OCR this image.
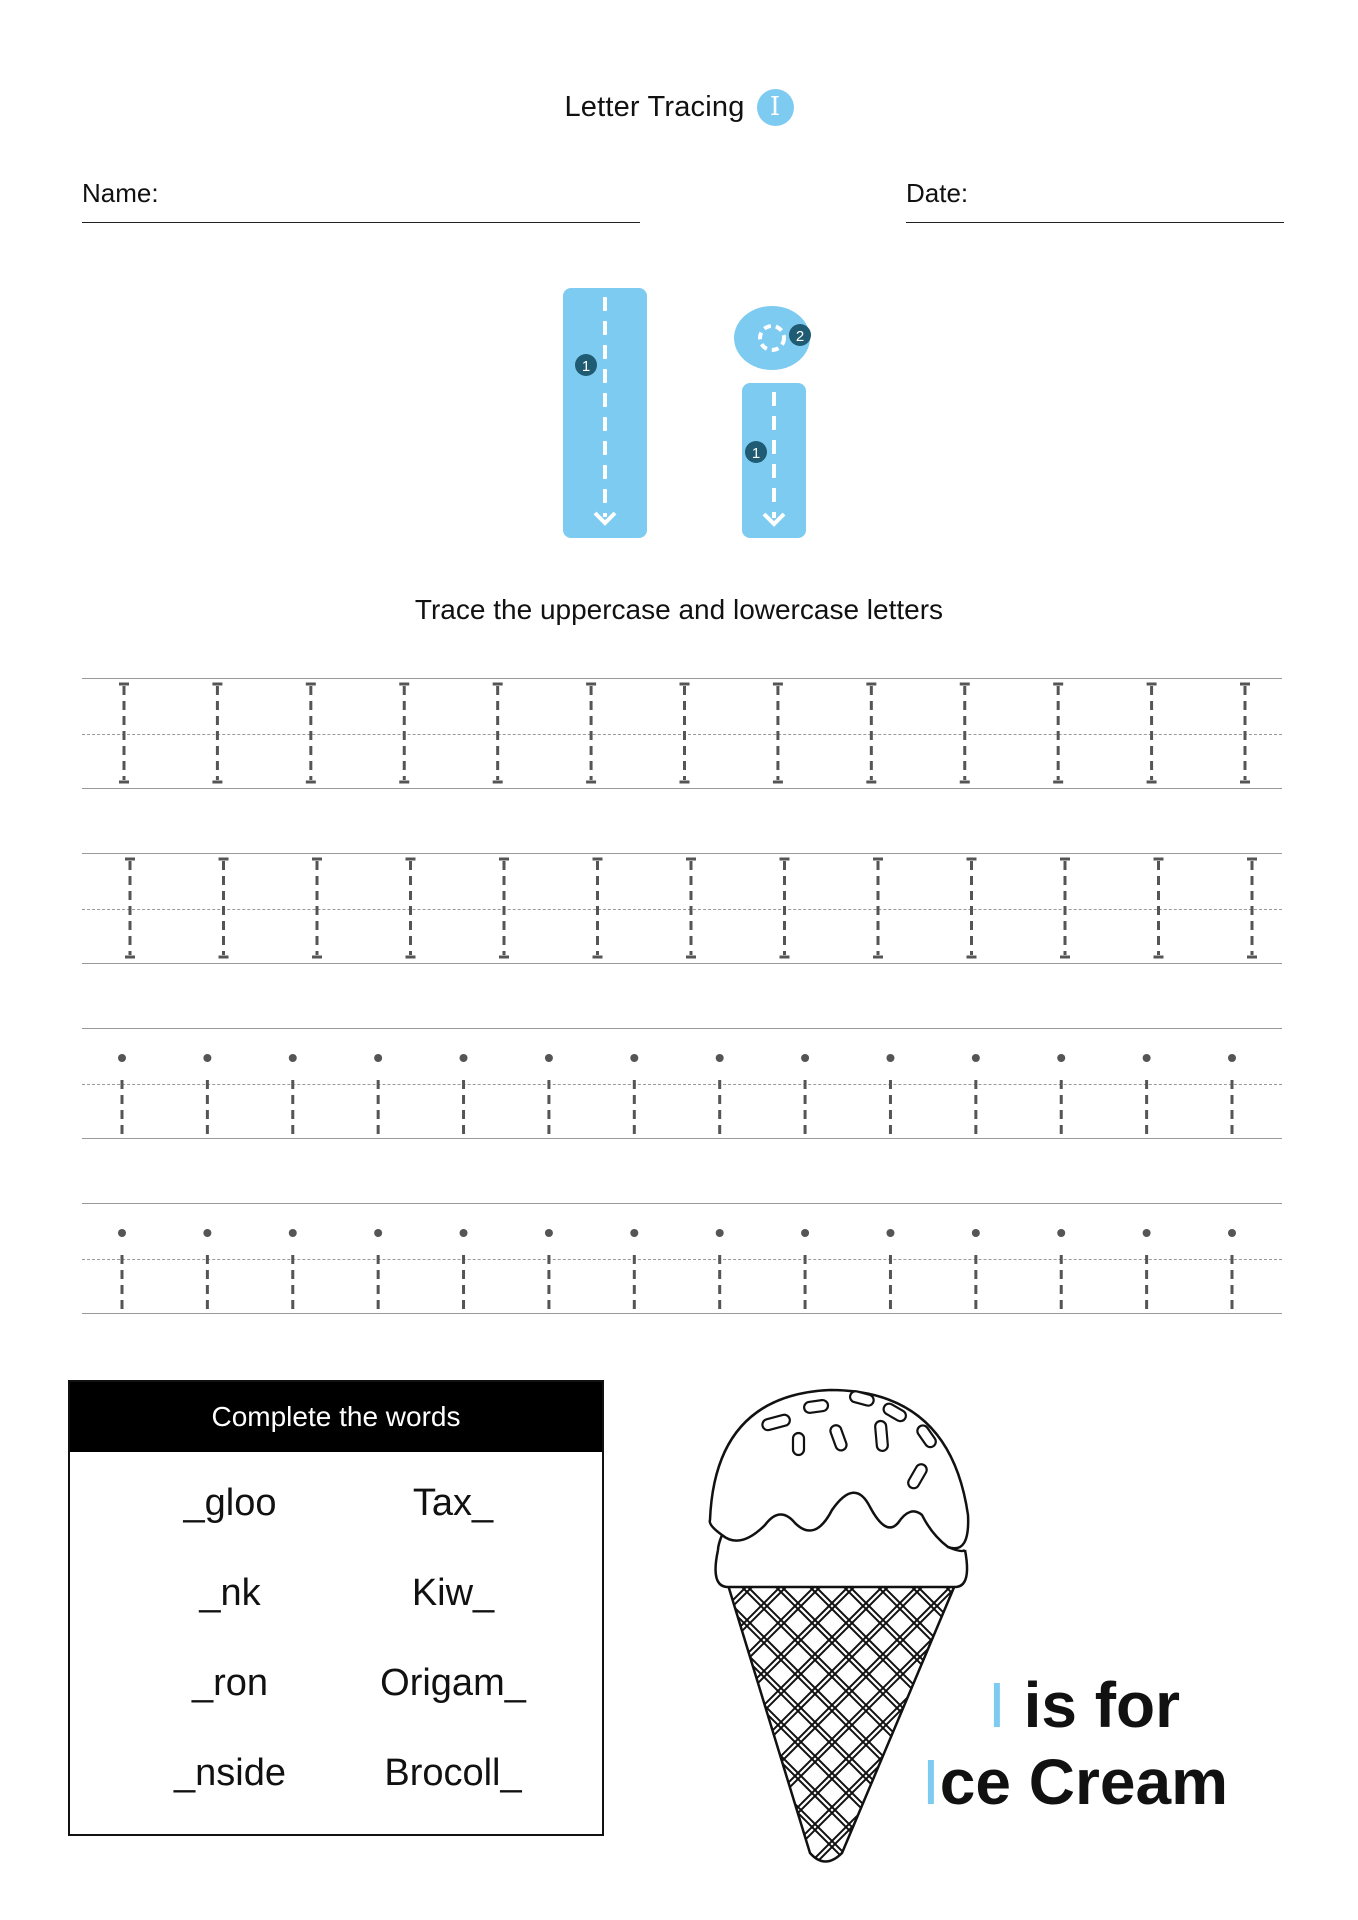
Letter Tracing I
Name:	Date:
1
2
1
Trace the uppercase and lowercase letters
Complete the words
_gloo
_nk
_ron
_nside
Tax_
Kiw_
Origam_
Brocoll_
I is for
Ice Cream
